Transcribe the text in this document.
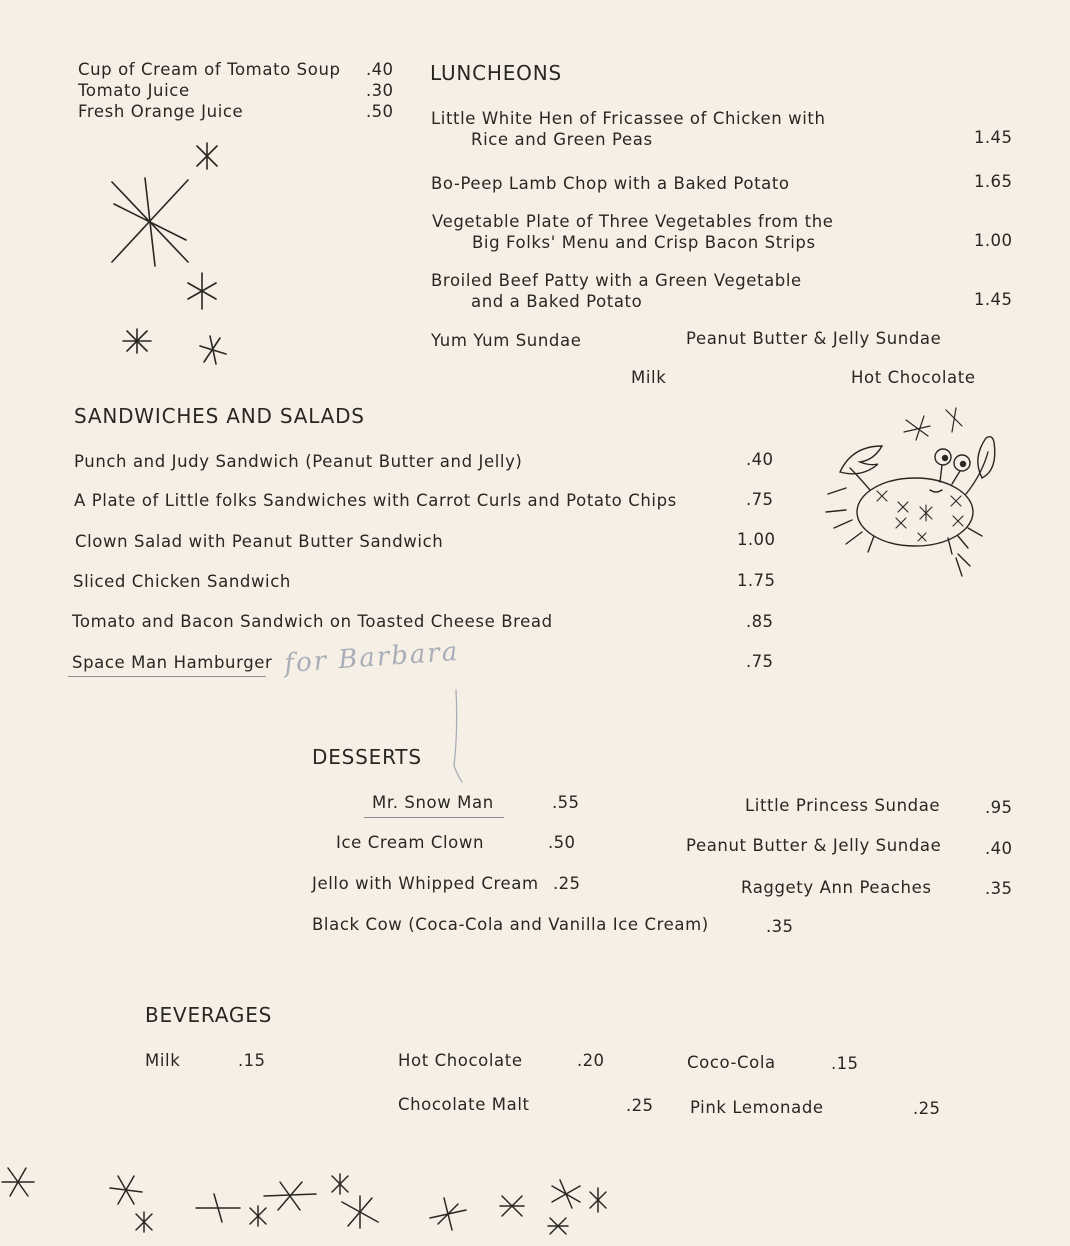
Cup of Cream of Tomato Soup .40
Tomato Juice	.30
Fresh Orange Juice	.50
LUNCHEONS
Little White Hen of Fricassee of Chicken with
Rice and Green Peas	1.45
Bo-Peep Lamb Chop with a Baked Potato	1.65
Vegetable Plate of Three Vegetables from the
Big Folks' Menu and Crisp Bacon Strips	1.00
Broiled Beef Patty with a Green Vegetable
and a Baked Potato	1.45
Yum Yum Sundae	Peanut Butter & Jelly Sundae
Milk	Hot Chocolate
SANDWICHES AND SALADS
Punch and Judy Sandwich (Peanut Butter and Jelly)	.40
A Plate of Little folks Sandwiches with Carrot Curls and Potato Chips	.75
Clown Salad with Peanut Butter Sandwich	1.00
Sliced Chicken Sandwich	1.75
Tomato and Bacon Sandwich on Toasted Cheese Bread	.85
Space Man Hamburger	.75
DESSERTS
Mr. Snow Man	.55
Ice Cream Clown	.50
Jello with Whipped Cream .25
Little Princess Sundae	.95
Peanut Butter & Jelly Sundae	.40
Raggety Ann Peaches	.35
Black Cow (Coca-Cola and Vanilla Ice Cream)	.35
BEVERAGES
Milk	.15	Hot Chocolate	.20	Coco-Cola	.15
Chocolate Malt	.25 Pink Lemonade	.25
for Barbara
